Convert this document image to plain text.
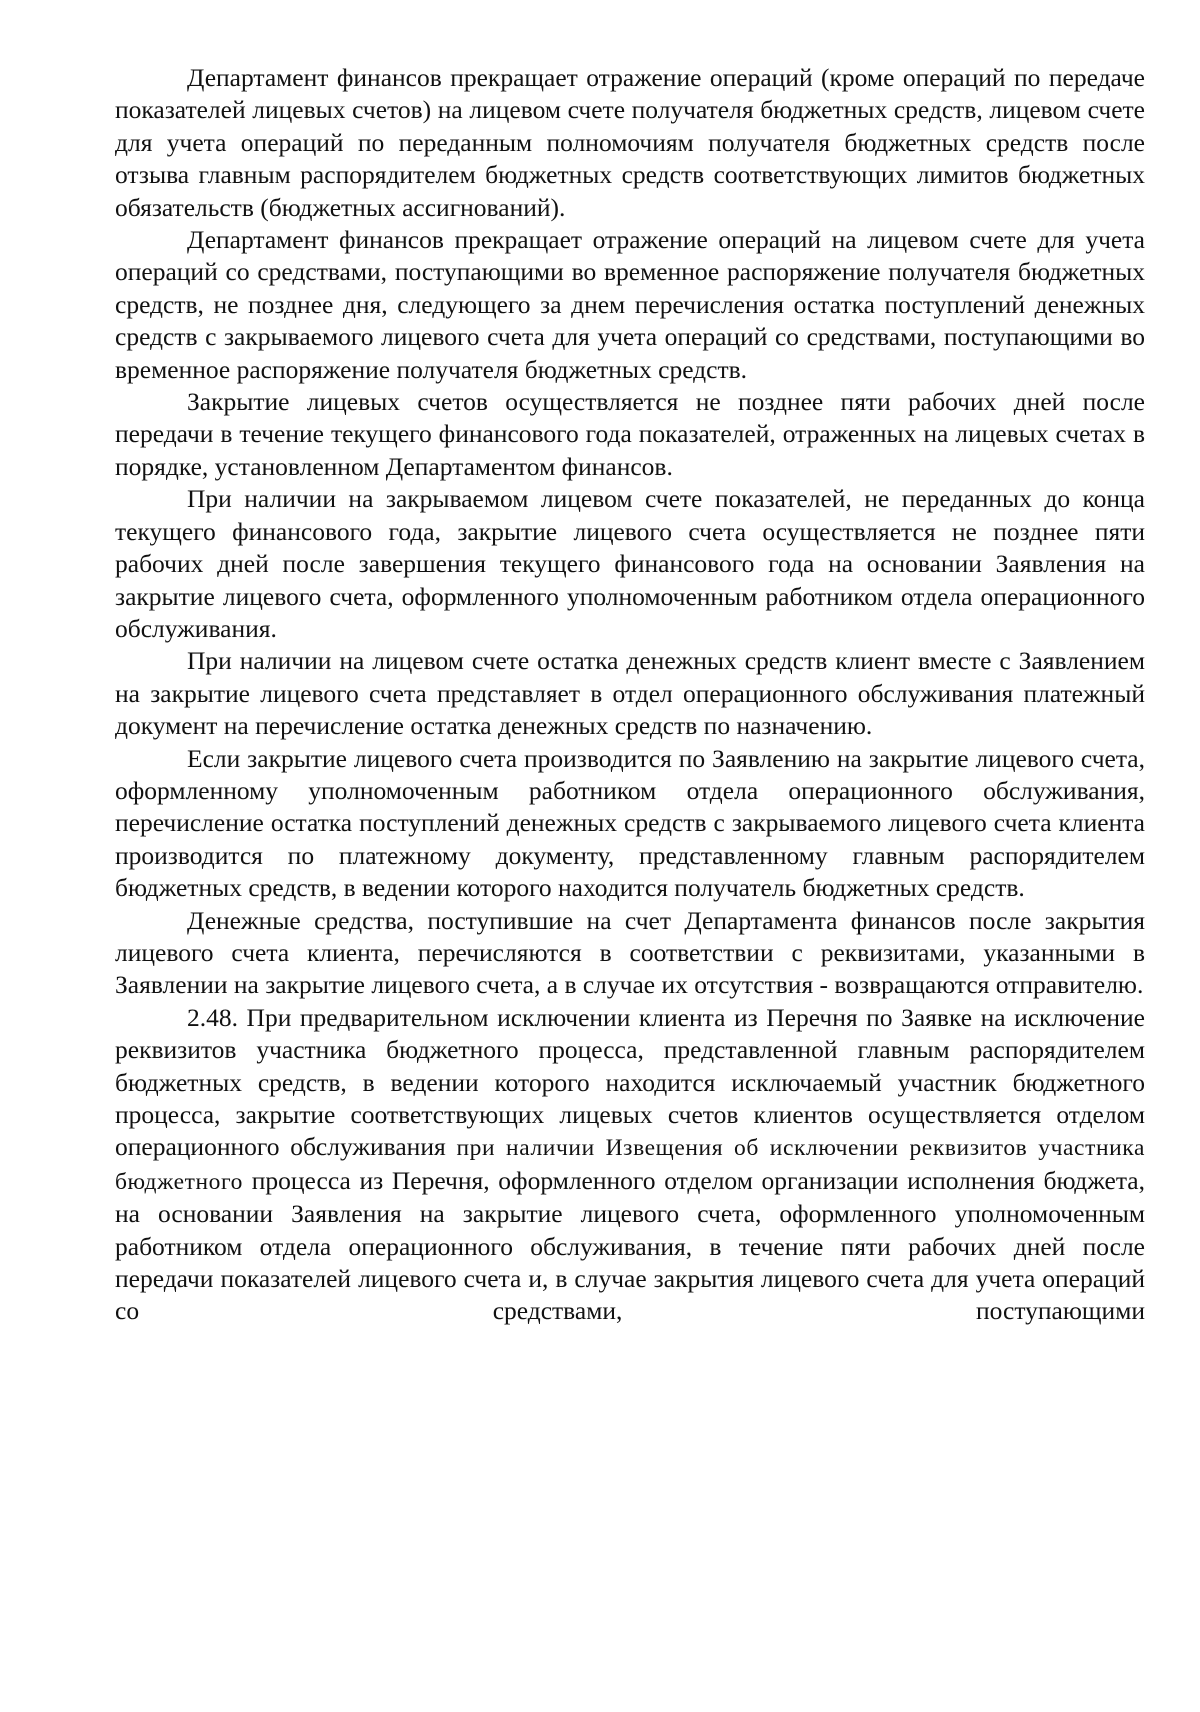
Департамент финансов прекращает отражение операций (кроме операций по передаче показателей лицевых счетов) на лицевом счете получателя бюджетных средств, лицевом счете для учета операций по переданным полномочиям получателя бюджетных средств после отзыва главным распорядителем бюджетных средств соответствующих лимитов бюджетных обязательств (бюджетных ассигнований).

Департамент финансов прекращает отражение операций на лицевом счете для учета операций со средствами, поступающими во временное распоряжение получателя бюджетных средств, не позднее дня, следующего за днем перечисления остатка поступлений денежных средств с закрываемого лицевого счета для учета операций со средствами, поступающими во временное распоряжение получателя бюджетных средств.

Закрытие лицевых счетов осуществляется не позднее пяти рабочих дней после передачи в течение текущего финансового года показателей, отраженных на лицевых счетах в порядке, установленном Департаментом финансов.

При наличии на закрываемом лицевом счете показателей, не переданных до конца текущего финансового года, закрытие лицевого счета осуществляется не позднее пяти рабочих дней после завершения текущего финансового года на основании Заявления на закрытие лицевого счета, оформленного уполномоченным работником отдела операционного обслуживания.

При наличии на лицевом счете остатка денежных средств клиент вместе с Заявлением на закрытие лицевого счета представляет в отдел операционного обслуживания платежный документ на перечисление остатка денежных средств по назначению.

Если закрытие лицевого счета производится по Заявлению на закрытие лицевого счета, оформленному уполномоченным работником отдела операционного обслуживания, перечисление остатка поступлений денежных средств с закрываемого лицевого счета клиента производится по платежному документу, представленному главным распорядителем бюджетных средств, в ведении которого находится получатель бюджетных средств.

Денежные средства, поступившие на счет Департамента финансов после закрытия лицевого счета клиента, перечисляются в соответствии с реквизитами, указанными в Заявлении на закрытие лицевого счета, а в случае их отсутствия - возвращаются отправителю.

2.48. При предварительном исключении клиента из Перечня по Заявке на исключение реквизитов участника бюджетного процесса, представленной главным распорядителем бюджетных средств, в ведении которого находится исключаемый участник бюджетного процесса, закрытие соответствующих лицевых счетов клиентов осуществляется отделом операционного обслуживания при наличии Извещения об исключении реквизитов участника бюджетного процесса из Перечня, оформленного отделом организации исполнения бюджета, на основании Заявления на закрытие лицевого счета, оформленного уполномоченным работником отдела операционного обслуживания, в течение пяти рабочих дней после передачи показателей лицевого счета и, в случае закрытия лицевого счета для учета операций со средствами, поступающими
